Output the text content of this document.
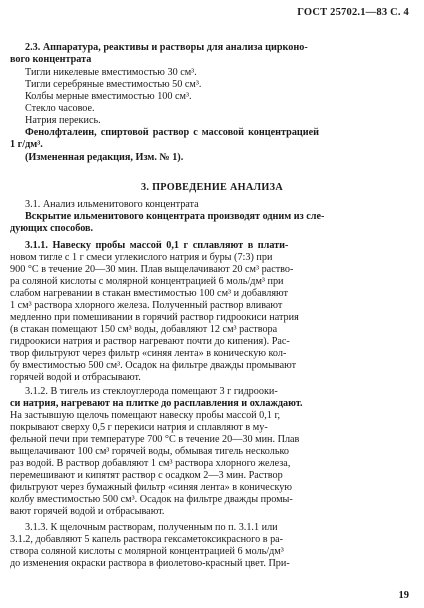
ГОСТ 25702.1—83 С. 4
2.3. Аппаратура, реактивы и растворы для анализа цирконо-
вого концентрата
Тигли никелевые вместимостью 30 см³.
Тигли серебряные вместимостью 50 см³.
Колбы мерные вместимостью 100 см³.
Стекло часовое.
Натрия перекись.
Фенолфталеин, спиртовой раствор с массовой концентрацией
1 г/дм³.
(Измененная редакция, Изм. № 1).
3. ПРОВЕДЕНИЕ АНАЛИЗА
3.1. Анализ ильменитового концентрата
Вскрытие ильменитового концентрата производят одним из сле-
дующих способов.
3.1.1. Навеску пробы массой 0,1 г сплавляют в плати-
новом тигле с 1 г смеси углекислого натрия и буры (7:3) при
900 °С в течение 20—30 мин. Плав выщелачивают 20 см³ раство-
ра соляной кислоты с молярной концентрацией 6 моль/дм³ при
слабом нагревании в стакан вместимостью 100 см³ и добавляют
1 см³ раствора хлорного железа. Полученный раствор вливают
медленно при помешивании в горячий раствор гидроокиси натрия
(в стакан помещают 150 см³ воды, добавляют 12 см³ раствора
гидроокиси натрия и раствор нагревают почти до кипения). Рас-
твор фильтруют через фильтр «синяя лента» в коническую кол-
бу вместимостью 500 см³. Осадок на фильтре дважды промывают
горячей водой и отбрасывают.
3.1.2. В тигель из стеклоуглерода помещают 3 г гидрооки-
си натрия, нагревают на плитке до расплавления и охлаждают.
На застывшую щелочь помещают навеску пробы массой 0,1 г,
покрывают сверху 0,5 г перекиси натрия и сплавляют в му-
фельной печи при температуре 700 °С в течение 20—30 мин. Плав
выщелачивают 100 см³ горячей воды, обмывая тигель несколько
раз водой. В раствор добавляют 1 см³ раствора хлорного железа,
перемешивают и кипятят раствор с осадком 2—3 мин. Раствор
фильтруют через бумажный фильтр «синяя лента» в коническую
колбу вместимостью 500 см³. Осадок на фильтре дважды промы-
вают горячей водой и отбрасывают.
3.1.3. К щелочным растворам, полученным по п. 3.1.1 или
3.1.2, добавляют 5 капель раствора гексаметоксикрасного в ра-
створа соляной кислоты с молярной концентрацией 6 моль/дм³
до изменения окраски раствора в фиолетово-красный цвет. При-
19
